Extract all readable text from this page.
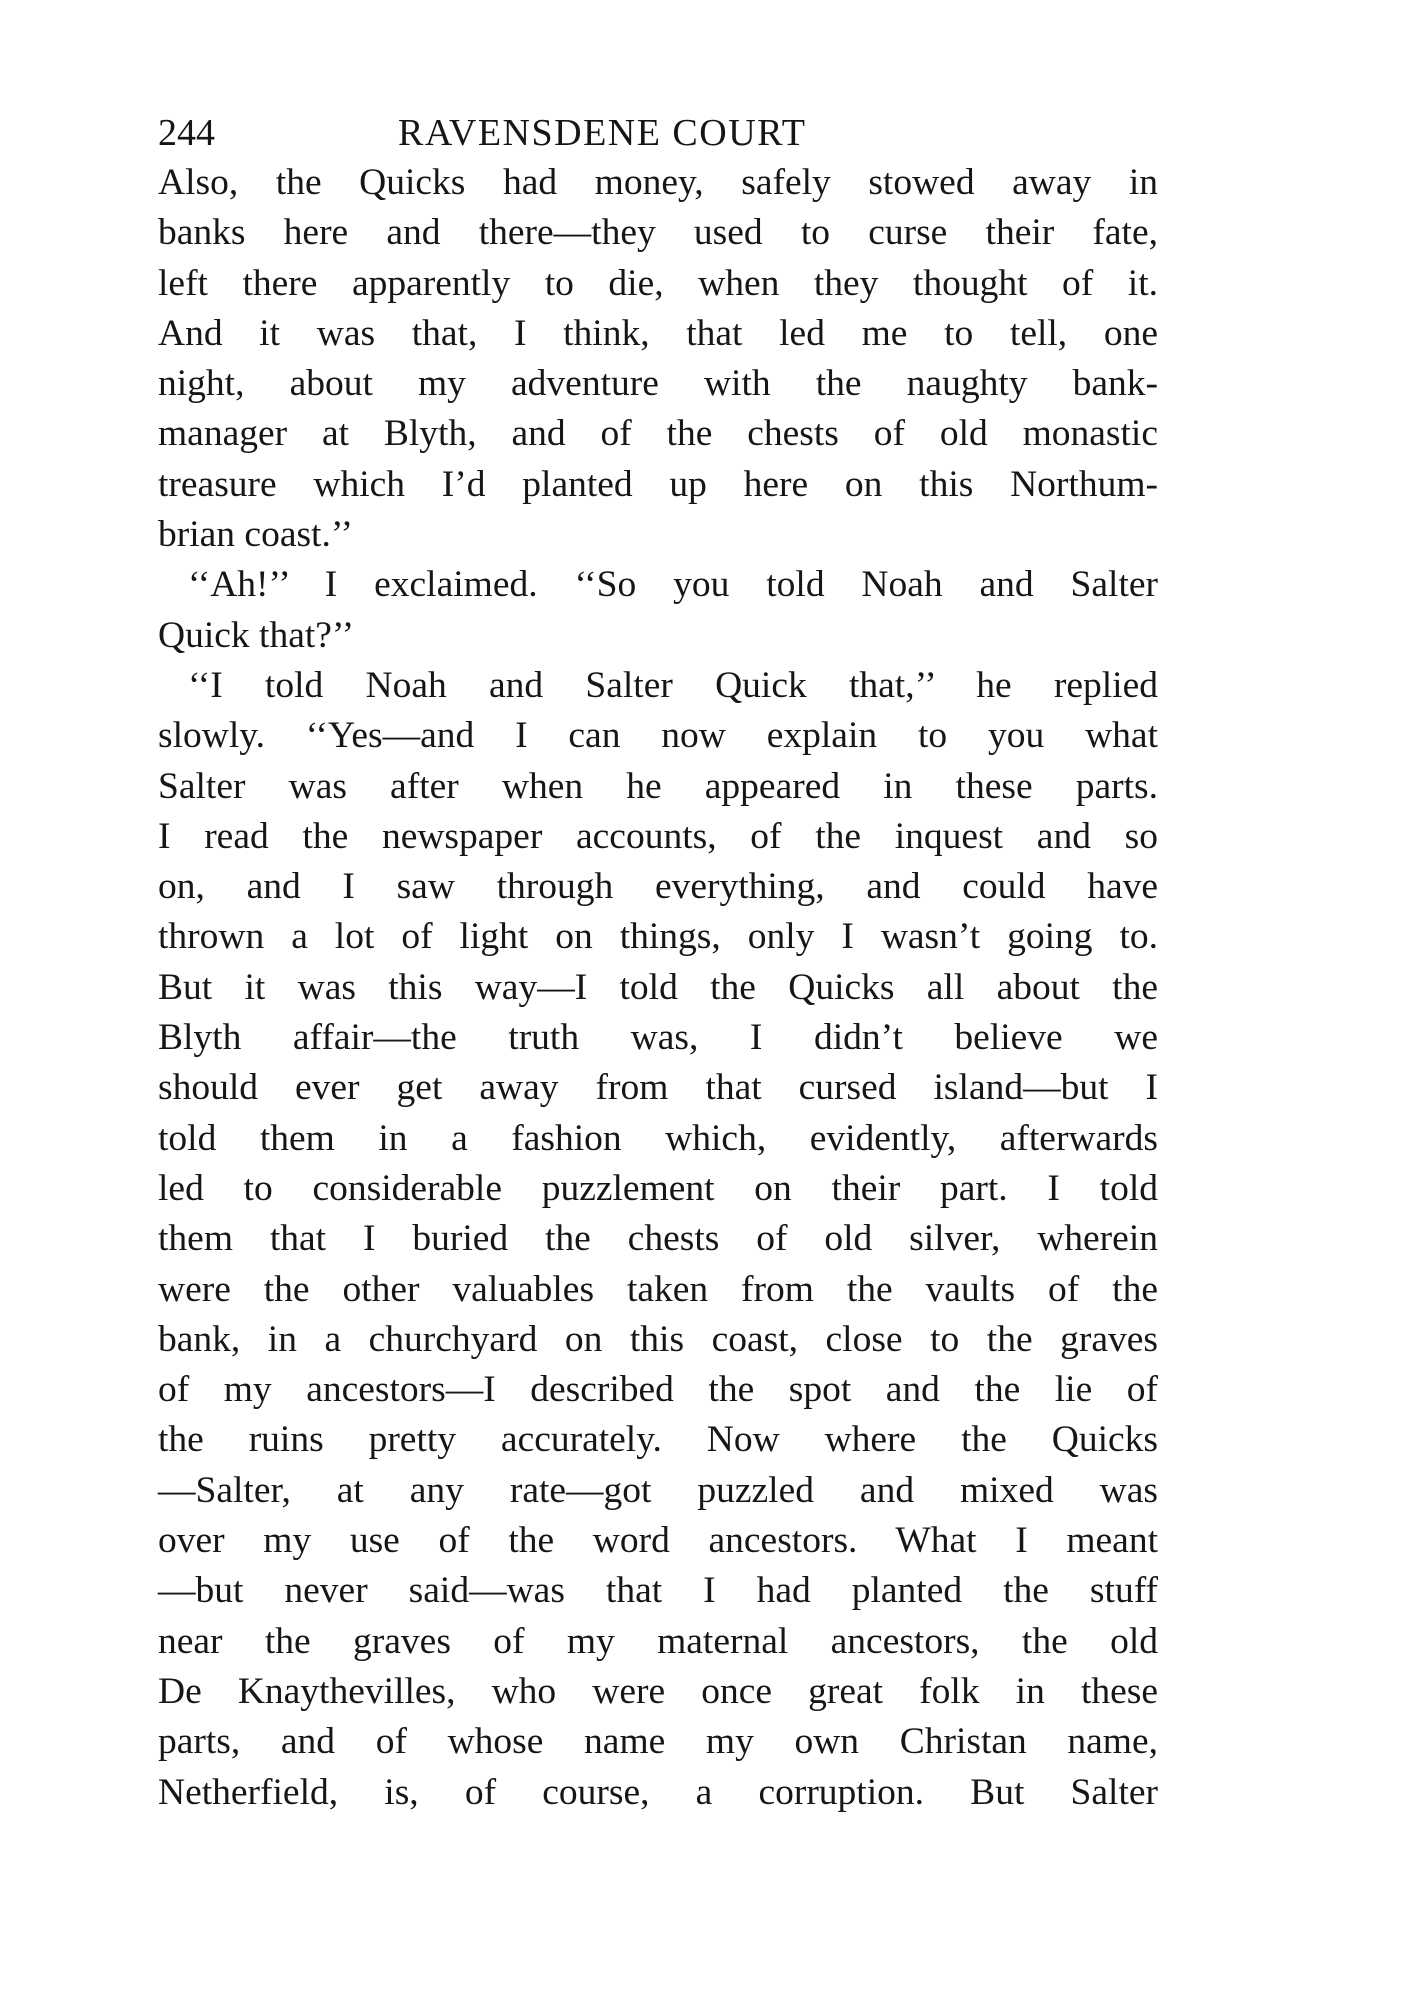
244	RAVENSDENE COURT
Also, the Quicks had money, safely stowed away in
banks here and there—they used to curse their fate,
left there apparently to die, when they thought of it.
And it was that, I think, that led me to tell, one
night, about my adventure with the naughty bank-
manager at Blyth, and of the chests of old monastic
treasure which I’d planted up here on this Northum-
brian coast.’’
‘‘Ah!’’ I exclaimed. ‘‘So you told Noah and Salter
Quick that?’’
‘‘I told Noah and Salter Quick that,’’ he replied
slowly. ‘‘Yes—and I can now explain to you what
Salter was after when he appeared in these parts.
I read the newspaper accounts, of the inquest and so
on, and I saw through everything, and could have
thrown a lot of light on things, only I wasn’t going to.
But it was this way—I told the Quicks all about the
Blyth affair—the truth was, I didn’t believe we
should ever get away from that cursed island—but I
told them in a fashion which, evidently, afterwards
led to considerable puzzlement on their part. I told
them that I buried the chests of old silver, wherein
were the other valuables taken from the vaults of the
bank, in a churchyard on this coast, close to the graves
of my ancestors—I described the spot and the lie of
the ruins pretty accurately. Now where the Quicks
—Salter, at any rate—got puzzled and mixed was
over my use of the word ancestors. What I meant
—but never said—was that I had planted the stuff
near the graves of my maternal ancestors, the old
De Knaythevilles, who were once great folk in these
parts, and of whose name my own Christan name,
Netherfield, is, of course, a corruption. But Salter
